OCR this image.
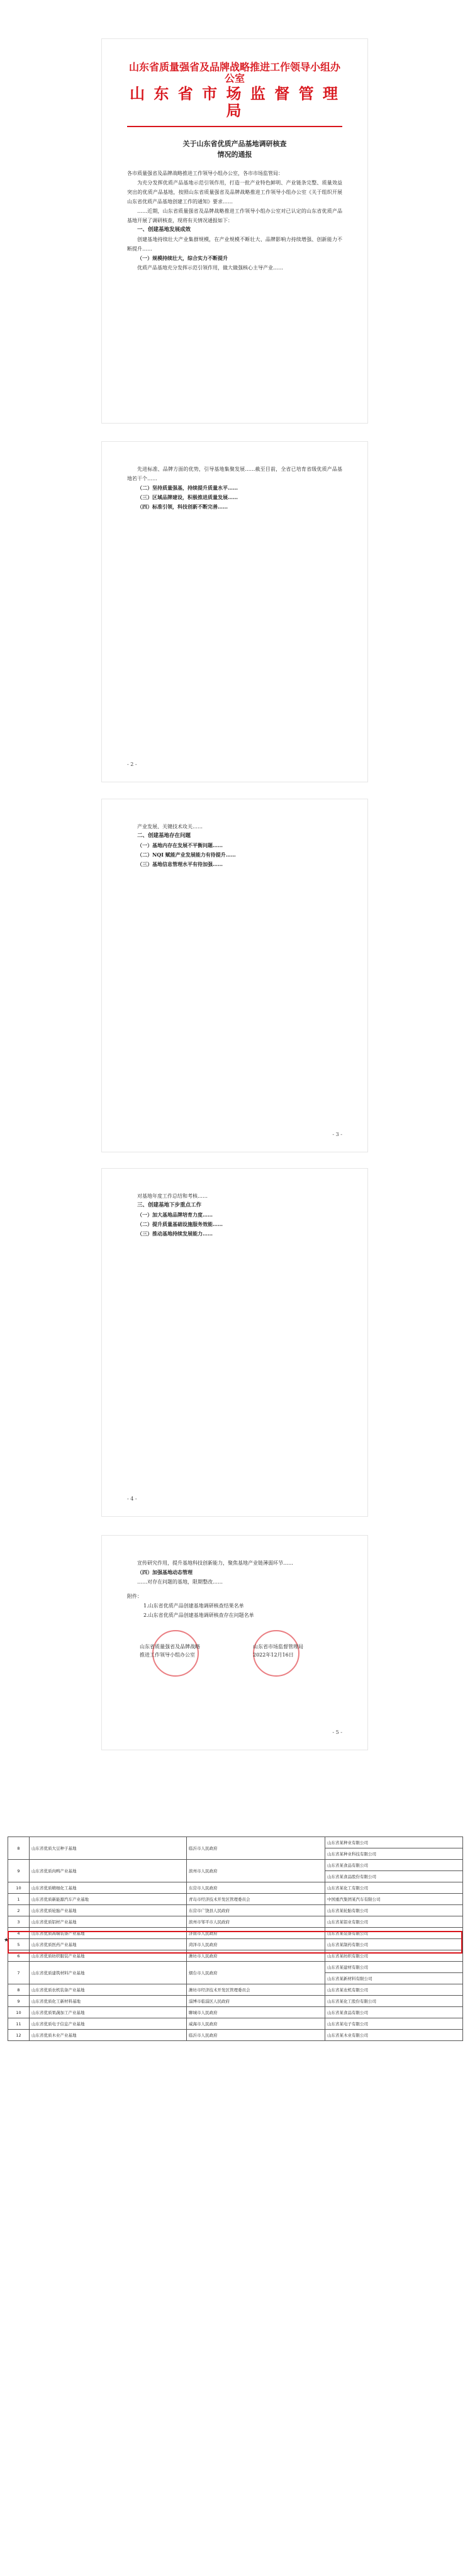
山东省质量强省及品牌战略推进工作领导小组办公室
山 东 省 市 场 监 督 管 理 局
关于山东省优质产品基地调研核查
情况的通报

各市质量强省及品牌战略推进工作领导小组办公室，各市市场监管局：

为充分发挥优质产品基地示范引领作用，打造一批产业特色鲜明、产业链条完整、质量效益突出的优质产品基地，按照山东省质量强省及品牌战略推进工作领导小组办公室《关于组织开展山东省优质产品基地创建工作的通知》要求……

……近期，山东省质量强省及品牌战略推进工作领导小组办公室对已认定的山东省优质产品基地开展了调研核查，现将有关情况通报如下：

一、创建基地发展成效

创建基地持续壮大产业集群规模，在产业规模不断壮大、品牌影响力持续增强、创新能力不断提升……

（一）规模持续壮大，综合实力不断提升

优质产品基地充分发挥示范引领作用，做大做强核心主导产业……

先进标准、品牌方面的优势，引导基地集聚发展……截至目前，全省已培育省级优质产品基地若干个……

（二）坚持质量强基，持续提升质量水平……

（三）区域品牌建设，积极推进质量发展……

（四）标准引领，科技创新不断完善……

- 2 -

产业发展、关键技术攻关……

二、创建基地存在问题

（一）基地内存在发展不平衡问题……

（二）NQI 赋能产业发展能力有待提升……

（三）基地信息管理水平有待加强……

- 3 -

对基地年度工作总结和考核……

三、创建基地下步重点工作

（一）加大基地品牌培育力度……

（二）提升质量基础设施服务效能……

（三）推动基地持续发展能力……

- 4 -

宣传研究作用，提升基地科技创新能力，聚焦基地产业链薄弱环节……

（四）加强基地动态管理

……对存在问题的基地，限期整改……

附件：
1.山东省优质产品创建基地调研核查结果名单
2.山东省优质产品创建基地调研核查存在问题名单
山东省质量强省及品牌战略
推进工作领导小组办公室
山东省市场监督管理局
2022年12月16日
- 5 -
★
8	山东省优质大豆种子基地	临沂市人民政府	山东省某种业有限公司
			山东省某种业科技有限公司
9	山东省优质肉鸭产业基地	滨州市人民政府	山东省某食品有限公司
			山东省某食品股份有限公司
10	山东省优质精细化工基地	东营市人民政府	山东省某化工有限公司
1	山东省优质新能源汽车产业基地	青岛市经济技术开发区管理委员会	中国重汽集团某汽车有限公司
2	山东省优质轮胎产业基地	东营市广饶县人民政府	山东省某轮胎有限公司
3	山东省优质铝材产业基地	滨州市邹平市人民政府	山东省某铝业有限公司
4	山东省优质高端装备产业基地	济南市人民政府	山东省某装备有限公司
5	山东省优质医药产业基地	菏泽市人民政府	山东省某制药有限公司
6	山东省优质纺织服装产业基地	潍坊市人民政府	山东省某纺织有限公司
7	山东省优质建筑材料产业基地	烟台市人民政府	山东省某建材有限公司
			山东省某新材料有限公司
8	山东省优质农机装备产业基地	潍坊市经济技术开发区管理委员会	山东省某农机有限公司
9	山东省优质化工新材料基地	淄博市临淄区人民政府	山东省某化工股份有限公司
10	山东省优质果蔬加工产业基地	聊城市人民政府	山东省某食品有限公司
11	山东省优质电子信息产业基地	威海市人民政府	山东省某电子有限公司
12	山东省优质木业产业基地	临沂市人民政府	山东省某木业有限公司
